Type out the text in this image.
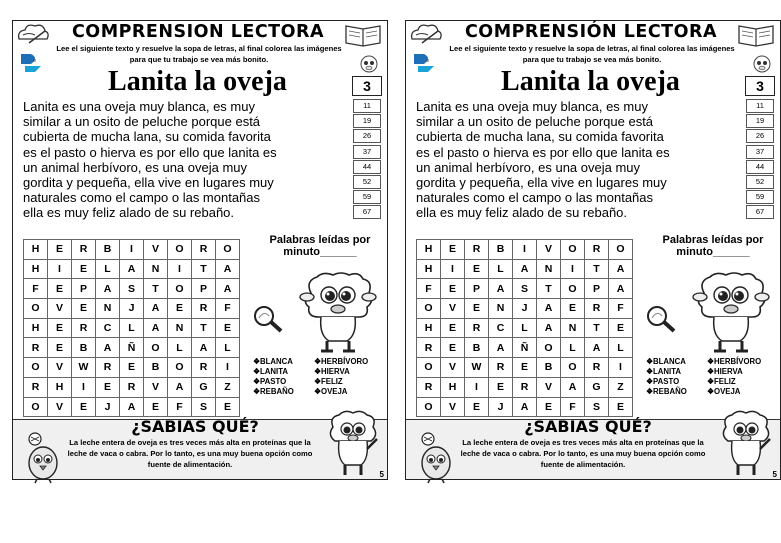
COMPRENSION LECTORA
Lee el siguiente texto y resuelve la sopa de letras, al final colorea las imágenes para que tu trabajo se vea más bonito.
e
Lanita la oveja	3
11
19
26
37
44
52
59
67
Lanita es una oveja muy blanca, es muy
similar a un osito de peluche porque está
cubierta de mucha lana, su comida favorita
es el pasto o hierva es por ello que lanita es
un animal herbívoro, es una oveja muy
gordita y pequeña, ella vive en lugares muy
naturales como el campo o las montañas
ella es muy feliz alado de su rebaño.
H	E	R	B	I	V	O	R	O
H	I	E	L	A	N	I	T	A
F	E	P	A	S	T	O	P	A
O	V	E	N	J	A	E	R	F
H	E	R	C	L	A	N	T	E
R	E	B	A	Ñ	O	L	A	L
O	V	W	R	E	B	O	R	I
R	H	I	E	R	V	A	G	Z
O	V	E	J	A	E	F	S	E
Palabras leídas por minuto______
❖ BLANCA	❖ HERBÍVORO❖ LANITA	❖ HIERVA❖ PASTO	❖ FELIZ❖ REBAÑO	❖ OVEJA
¿SABIAS QUÉ?
La leche entera de oveja es tres veces más alta en proteínas que la leche de vaca o cabra. Por lo tanto, es una muy buena opción como fuente de alimentación.
5
COMPRENSIÓN LECTORA
Lee el siguiente texto y resuelve la sopa de letras, al final colorea las imágenes para que tu trabajo se vea más bonito.
e
Lanita la oveja	3
11
19
26
37
44
52
59
67
Lanita es una oveja muy blanca, es muy
similar a un osito de peluche porque está
cubierta de mucha lana, su comida favorita
es el pasto o hierva es por ello que lanita es
un animal herbívoro, es una oveja muy
gordita y pequeña, ella vive en lugares muy
naturales como el campo o las montañas
ella es muy feliz alado de su rebaño.
H	E	R	B	I	V	O	R	O
H	I	E	L	A	N	I	T	A
F	E	P	A	S	T	O	P	A
O	V	E	N	J	A	E	R	F
H	E	R	C	L	A	N	T	E
R	E	B	A	Ñ	O	L	A	L
O	V	W	R	E	B	O	R	I
R	H	I	E	R	V	A	G	Z
O	V	E	J	A	E	F	S	E
Palabras leídas por minuto______
❖ BLANCA	❖ HERBÍVORO❖ LANITA	❖ HIERVA❖ PASTO	❖ FELIZ❖ REBAÑO	❖ OVEJA
¿SABIAS QUÉ?
La leche entera de oveja es tres veces más alta en proteínas que la leche de vaca o cabra. Por lo tanto, es una muy buena opción como fuente de alimentación.
5
